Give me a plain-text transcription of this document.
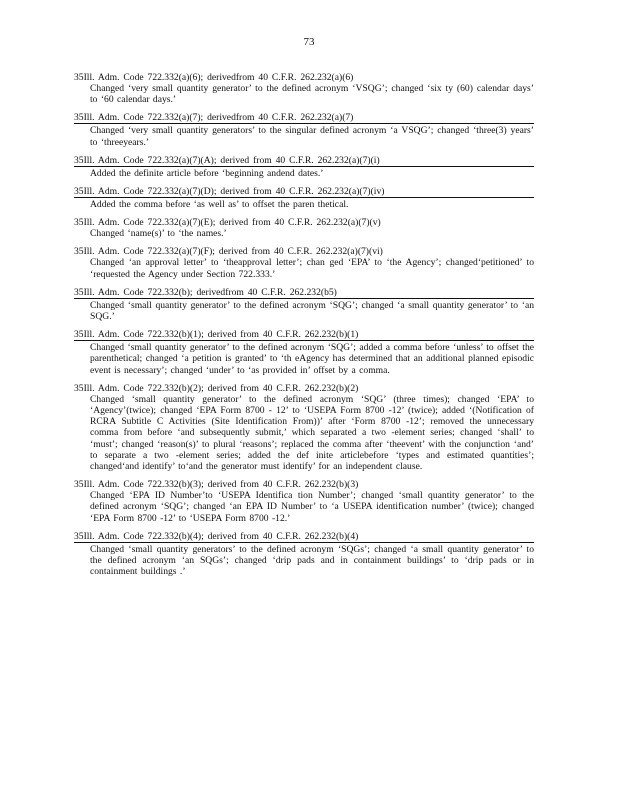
73
35Ill. Adm. Code 722.332(a)(6); derivedfrom 40 C.F.R. 262.232(a)(6)
Changed ‘very small quantity generator’ to the defined acronym ‘VSQG’; changed ‘six ty (60) calendar days’ to ‘60 calendar days.’
35Ill. Adm. Code 722.332(a)(7); derivedfrom 40 C.F.R. 262.232(a)(7)
Changed ‘very small quantity generators’ to the singular defined acronym ‘a VSQG’; changed ‘three(3) years’ to ‘threeyears.’
35Ill. Adm. Code 722.332(a)(7)(A); derived from 40 C.F.R. 262.232(a)(7)(i)
Added the definite article before ‘beginning andend dates.’
35Ill. Adm. Code 722.332(a)(7)(D); derived from 40 C.F.R. 262.232(a)(7)(iv)
Added the comma before ‘as well as’ to offset the paren thetical.
35Ill. Adm. Code 722.332(a)(7)(E); derived from 40 C.F.R. 262.232(a)(7)(v)
Changed ‘name(s)’ to ‘the names.’
35Ill. Adm. Code 722.332(a)(7)(F); derived from 40 C.F.R. 262.232(a)(7)(vi)
Changed ‘an approval letter’ to ‘theapproval letter’; chan ged ‘EPA’ to ‘the Agency’; changed‘petitioned’ to ‘requested the Agency under Section 722.333.’
35Ill. Adm. Code 722.332(b); derivedfrom 40 C.F.R. 262.232(b5)
Changed ‘small quantity generator’ to the defined acronym ‘SQG’; changed ‘a small quantity generator’ to ‘an SQG.’
35Ill. Adm. Code 722.332(b)(1); derived from 40 C.F.R. 262.232(b)(1)
Changed ‘small quantity generator’ to the defined acronym ‘SQG’; added a comma before ‘unless’ to offset the parenthetical; changed ‘a petition is granted’ to ‘th eAgency has determined that an additional planned episodic event is necessary’; changed ‘under’ to ‘as provided in’ offset by a comma.
35Ill. Adm. Code 722.332(b)(2); derived from 40 C.F.R. 262.232(b)(2)
Changed ‘small quantity generator’ to the defined acronym ‘SQG’ (three times); changed ‘EPA’ to ‘Agency’(twice); changed ‘EPA Form 8700 - 12’ to ‘USEPA Form 8700 -12’ (twice); added ‘(Notification of RCRA Subtitle C Activities (Site Identification From))’ after ‘Form 8700 -12’; removed the unnecessary comma from before ‘and subsequently submit,’ which separated a two -element series; changed ‘shall’ to ‘must’; changed ‘reason(s)’ to plural ‘reasons’; replaced the comma after ‘theevent’ with the conjunction ‘and’ to separate a two -element series; added the def inite articlebefore ‘types and estimated quantities’; changed‘and identify’ to‘and the generator must identify’ for an independent clause.
35Ill. Adm. Code 722.332(b)(3); derived from 40 C.F.R. 262.232(b)(3)
Changed ‘EPA ID Number’to ‘USEPA Identifica tion Number’; changed ‘small quantity generator’ to the defined acronym ‘SQG’; changed ‘an EPA ID Number’ to ‘a USEPA identification number’ (twice); changed ‘EPA Form 8700 -12’ to ‘USEPA Form 8700 -12.’
35Ill. Adm. Code 722.332(b)(4); derived from 40 C.F.R. 262.232(b)(4)
Changed ‘small quantity generators’ to the defined acronym ‘SQGs’; changed ‘a small quantity generator’ to the defined acronym ‘an SQGs’; changed ‘drip pads and in containment buildings’ to ‘drip pads or in containment buildings .’
